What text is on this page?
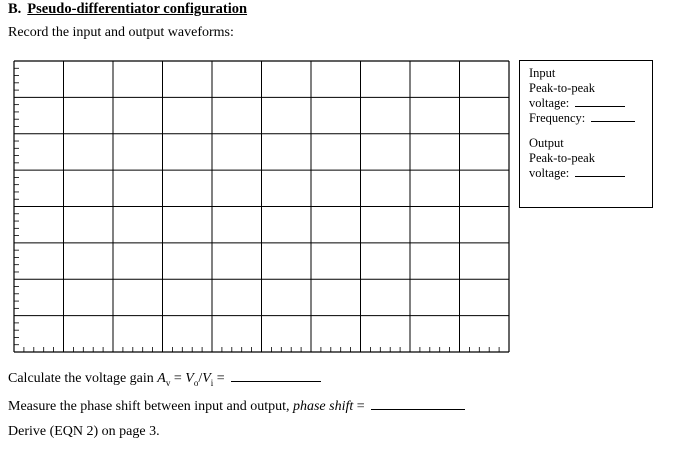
B. Pseudo-differentiator configuration
Record the input and output waveforms:
Input
Peak-to-peak
voltage:
Frequency:
Output
Peak-to-peak
voltage:
Calculate the voltage gain $A_v = V_o/V_i$ =
Measure the phase shift between input and output, phase shift =
Derive (EQN 2) on page 3.
